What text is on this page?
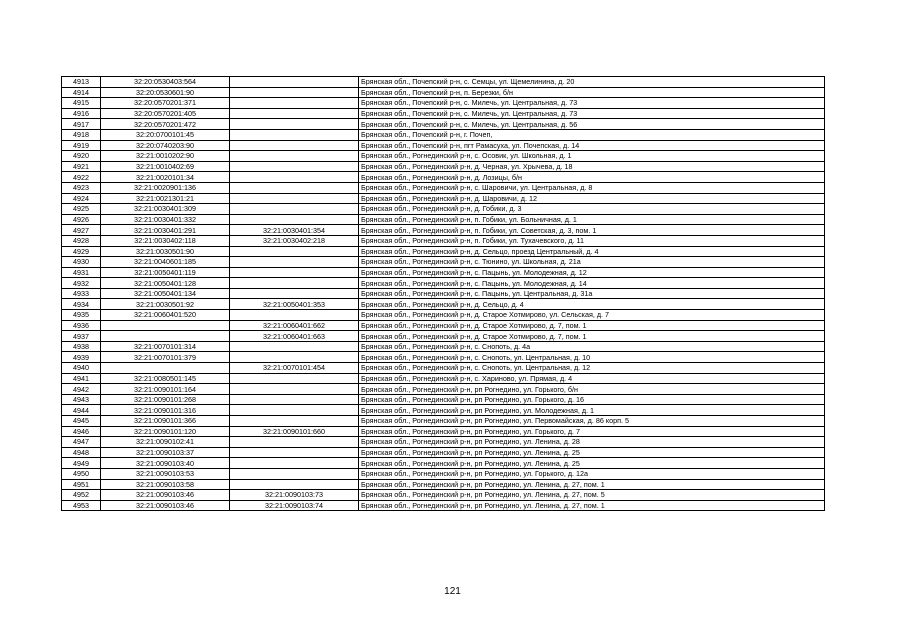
4913	32:20:0530403:564		Брянская обл., Почепский р-н, с. Семцы, ул. Щемелинина, д. 20
4914	32:20:0530601:90		Брянская обл., Почепский р-н, п. Березки, б/н
4915	32:20:0570201:371		Брянская обл., Почепский р-н, с. Милечь, ул. Центральная, д. 73
4916	32:20:0570201:405		Брянская обл., Почепский р-н, с. Милечь, ул. Центральная, д. 73
4917	32:20:0570201:472		Брянская обл., Почепский р-н, с. Милечь, ул. Центральная, д. 56
4918	32:20:0700101:45		Брянская обл., Почепский р-н, г. Почеп,
4919	32:20:0740203:90		Брянская обл., Почепский р-н, пгт Рамасуха, ул. Почепская, д. 14
4920	32:21:0010202:90		Брянская обл., Рогнединский р-н, с. Осовик, ул. Школьная, д. 1
4921	32:21:0010402:69		Брянская обл., Рогнединский р-н, д. Черная, ул. Хрычева, д. 18
4922	32:21:0020101:34		Брянская обл., Рогнединский р-н, д. Лозицы, б/н
4923	32:21:0020901:136		Брянская обл., Рогнединский р-н, с. Шаровичи, ул. Центральная, д. 8
4924	32:21:0021301:21		Брянская обл., Рогнединский р-н, д. Шаровичи, д. 12
4925	32:21:0030401:309		Брянская обл., Рогнединский р-н, д. Гобики, д. 3
4926	32:21:0030401:332		Брянская обл., Рогнединский р-н, п. Гобики, ул. Больничная, д. 1
4927	32:21:0030401:291	32:21:0030401:354	Брянская обл., Рогнединский р-н, п. Гобики, ул. Советская, д. 3, пом. 1
4928	32:21:0030402:118	32:21:0030402:218	Брянская обл., Рогнединский р-н, п. Гобики, ул. Тухачевского, д. 11
4929	32:21:0030501:90		Брянская обл., Рогнединский р-н, д. Сельцо, проезд Центральный, д. 4
4930	32:21:0040601:185		Брянская обл., Рогнединский р-н, с. Тюнино, ул. Школьная, д. 21а
4931	32:21:0050401:119		Брянская обл., Рогнединский р-н, с. Пацынь, ул. Молодежная, д. 12
4932	32:21:0050401:128		Брянская обл., Рогнединский р-н, с. Пацынь, ул. Молодежная, д. 14
4933	32:21:0050401:134		Брянская обл., Рогнединский р-н, с. Пацынь, ул. Центральная, д. 31а
4934	32:21:0030501:92	32:21:0050401:353	Брянская обл., Рогнединский р-н, д. Сельцо, д. 4
4935	32:21:0060401:520		Брянская обл., Рогнединский р-н, д. Старое Хотмирово, ул. Сельская, д. 7
4936		32:21:0060401:662	Брянская обл., Рогнединский р-н, д. Старое Хотмирово, д. 7, пом. 1
4937		32:21:0060401:663	Брянская обл., Рогнединский р-н, д. Старое Хотмирово, д. 7, пом. 1
4938	32:21:0070101:314		Брянская обл., Рогнединский р-н, с. Снопоть, д. 4а
4939	32:21:0070101:379		Брянская обл., Рогнединский р-н, с. Снопоть, ул. Центральная, д. 10
4940		32:21:0070101:454	Брянская обл., Рогнединский р-н, с. Снопоть, ул. Центральная, д. 12
4941	32:21:0080501:145		Брянская обл., Рогнединский р-н, с. Хариново, ул. Прямая, д. 4
4942	32:21:0090101:164		Брянская обл., Рогнединский р-н, рп Рогнедино, ул. Горького, б/н
4943	32:21:0090101:268		Брянская обл., Рогнединский р-н, рп Рогнедино, ул. Горького, д. 16
4944	32:21:0090101:316		Брянская обл., Рогнединский р-н, рп Рогнедино, ул. Молодежная, д. 1
4945	32:21:0090101:366		Брянская обл., Рогнединский р-н, рп Рогнедино, ул. Первомайская, д. 86 корп. 5
4946	32:21:0090101:120	32:21:0090101:660	Брянская обл., Рогнединский р-н, рп Рогнедино, ул. Горького, д. 7
4947	32:21:0090102:41		Брянская обл., Рогнединский р-н, рп Рогнедино, ул. Ленина, д. 28
4948	32:21:0090103:37		Брянская обл., Рогнединский р-н, рп Рогнедино, ул. Ленина, д. 25
4949	32:21:0090103:40		Брянская обл., Рогнединский р-н, рп Рогнедино, ул. Ленина, д. 25
4950	32:21:0090103:53		Брянская обл., Рогнединский р-н, рп Рогнедино, ул. Горького, д. 12а
4951	32:21:0090103:58		Брянская обл., Рогнединский р-н, рп Рогнедино, ул. Ленина, д. 27, пом. 1
4952	32:21:0090103:46	32:21:0090103:73	Брянская обл., Рогнединский р-н, рп Рогнедино, ул. Ленина, д. 27, пом. 5
4953	32:21:0090103:46	32:21:0090103:74	Брянская обл., Рогнединский р-н, рп Рогнедино, ул. Ленина, д. 27, пом. 1
121
